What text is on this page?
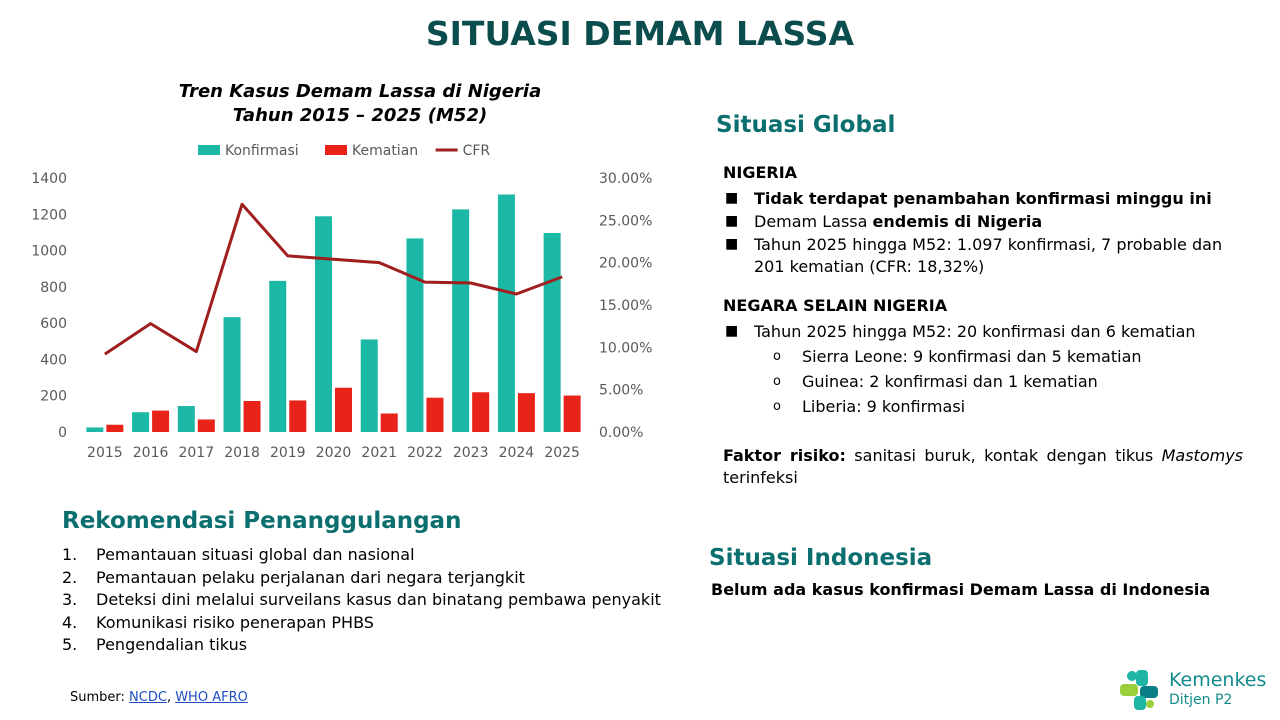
SITUASI DEMAM LASSA
Tren Kasus Demam Lassa di Nigeria
Tahun 2015 – 2025 (M52)
0
200
400
600
800
1000
1200
1400
0.00%
5.00%
10.00%
15.00%
20.00%
25.00%
30.00%
2015 2016 2017 2018 2019 2020 2021 2022 2023 2024 2025
Konfirmasi	Kematian	CFR
Situasi Global
NIGERIA
■ Tidak terdapat penambahan konfirmasi minggu ini
■ Demam Lassa endemis di Nigeria
■ Tahun 2025 hingga M52: 1.097 konfirmasi, 7 probable dan 201 kematian (CFR: 18,32%)
NEGARA SELAIN NIGERIA
■ Tahun 2025 hingga M52: 20 konfirmasi dan 6 kematian
o Sierra Leone: 9 konfirmasi dan 5 kematian
o Guinea: 2 konfirmasi dan 1 kematian
o Liberia: 9 konfirmasi
Faktor risiko: sanitasi buruk, kontak dengan tikus Mastomys terinfeksi
Rekomendasi Penanggulangan
1.	Pemantauan situasi global dan nasional
2.	Pemantauan pelaku perjalanan dari negara terjangkit
3.	Deteksi dini melalui surveilans kasus dan binatang pembawa penyakit
4.	Komunikasi risiko penerapan PHBS
5.	Pengendalian tikus
Situasi Indonesia
Belum ada kasus konfirmasi Demam Lassa di Indonesia
Sumber: NCDC, WHO AFRO
Kemenkes
Ditjen P2
